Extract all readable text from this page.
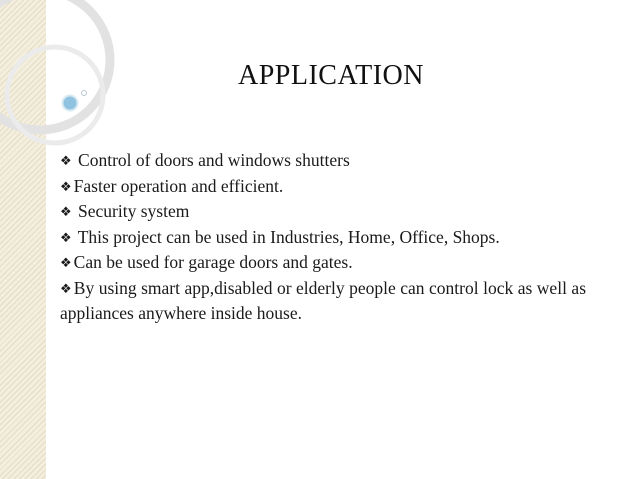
APPLICATION

❖ Control of doors and windows shutters

❖ Faster operation and efficient.

❖ Security system

❖ This project can be used in Industries, Home, Office, Shops.

❖ Can be used for garage doors and gates.

❖ By using smart app,disabled or elderly people can control lock as well as appliances anywhere inside house.
